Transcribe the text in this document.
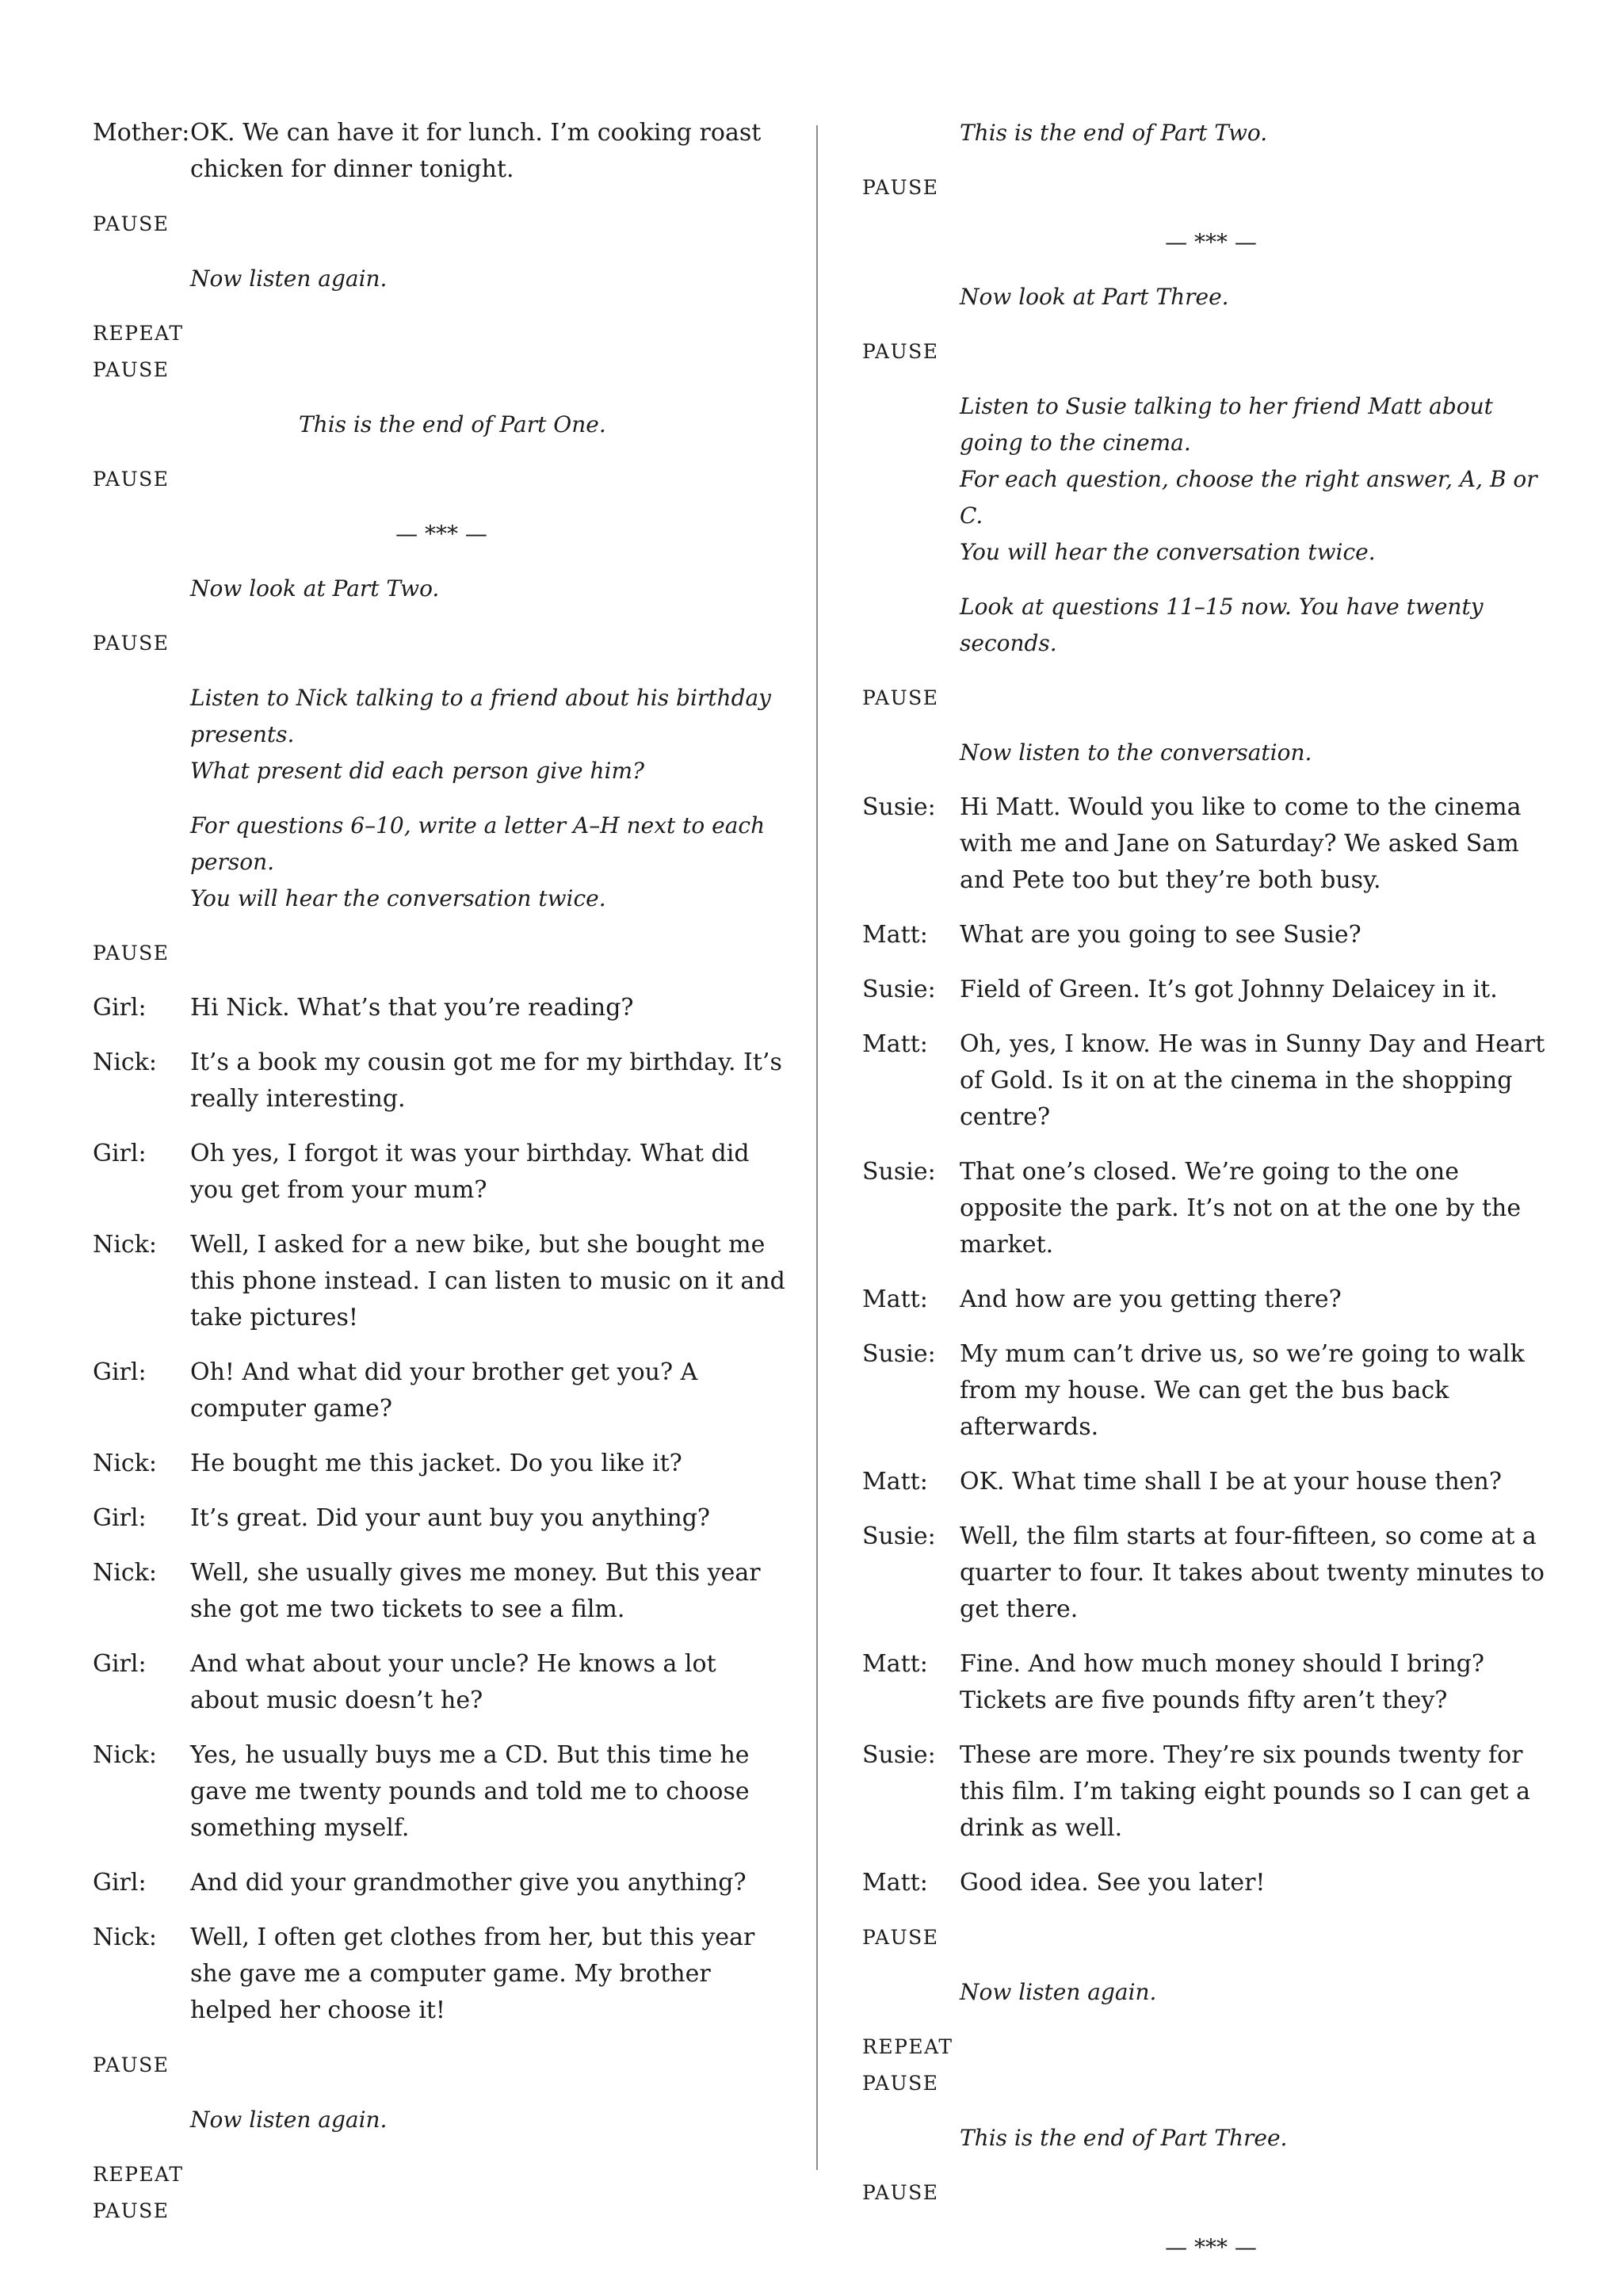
Mother: OK. We can have it for lunch. I’m cooking roast chicken for dinner tonight.
PAUSE
Now listen again.
REPEAT
PAUSE
This is the end of Part One.
PAUSE
— *** —
Now look at Part Two.
PAUSE
Listen to Nick talking to a friend about his birthday presents.
What present did each person give him?
For questions 6–10, write a letter A–H next to each person.
You will hear the conversation twice.
PAUSE
Girl:	Hi Nick. What’s that you’re reading?
Nick:	It’s a book my cousin got me for my birthday. It’s really interesting.
Girl:	Oh yes, I forgot it was your birthday. What did you get from your mum?
Nick:	Well, I asked for a new bike, but she bought me this phone instead. I can listen to music on it and take pictures!
Girl:	Oh! And what did your brother get you? A computer game?
Nick:	He bought me this jacket. Do you like it?
Girl:	It’s great. Did your aunt buy you anything?
Nick:	Well, she usually gives me money. But this year she got me two tickets to see a film.
Girl:	And what about your uncle? He knows a lot about music doesn’t he?
Nick:	Yes, he usually buys me a CD. But this time he gave me twenty pounds and told me to choose something myself.
Girl:	And did your grandmother give you anything?
Nick:	Well, I often get clothes from her, but this year she gave me a computer game. My brother helped her choose it!
PAUSE
Now listen again.
REPEAT
PAUSE
This is the end of Part Two.
PAUSE
— *** —
Now look at Part Three.
PAUSE
Listen to Susie talking to her friend Matt about going to the cinema.
For each question, choose the right answer, A, B or C.
You will hear the conversation twice.
Look at questions 11–15 now. You have twenty seconds.
PAUSE
Now listen to the conversation.
Susie:	Hi Matt. Would you like to come to the cinema with me and Jane on Saturday? We asked Sam and Pete too but they’re both busy.
Matt:	What are you going to see Susie?
Susie:	Field of Green. It’s got Johnny Delaicey in it.
Matt:	Oh, yes, I know. He was in Sunny Day and Heart of Gold. Is it on at the cinema in the shopping centre?
Susie:	That one’s closed. We’re going to the one opposite the park. It’s not on at the one by the market.
Matt:	And how are you getting there?
Susie:	My mum can’t drive us, so we’re going to walk from my house. We can get the bus back afterwards.
Matt:	OK. What time shall I be at your house then?
Susie:	Well, the film starts at four-fifteen, so come at a quarter to four. It takes about twenty minutes to get there.
Matt:	Fine. And how much money should I bring? Tickets are five pounds fifty aren’t they?
Susie:	These are more. They’re six pounds twenty for this film. I’m taking eight pounds so I can get a drink as well.
Matt:	Good idea. See you later!
PAUSE
Now listen again.
REPEAT
PAUSE
This is the end of Part Three.
PAUSE
— *** —
